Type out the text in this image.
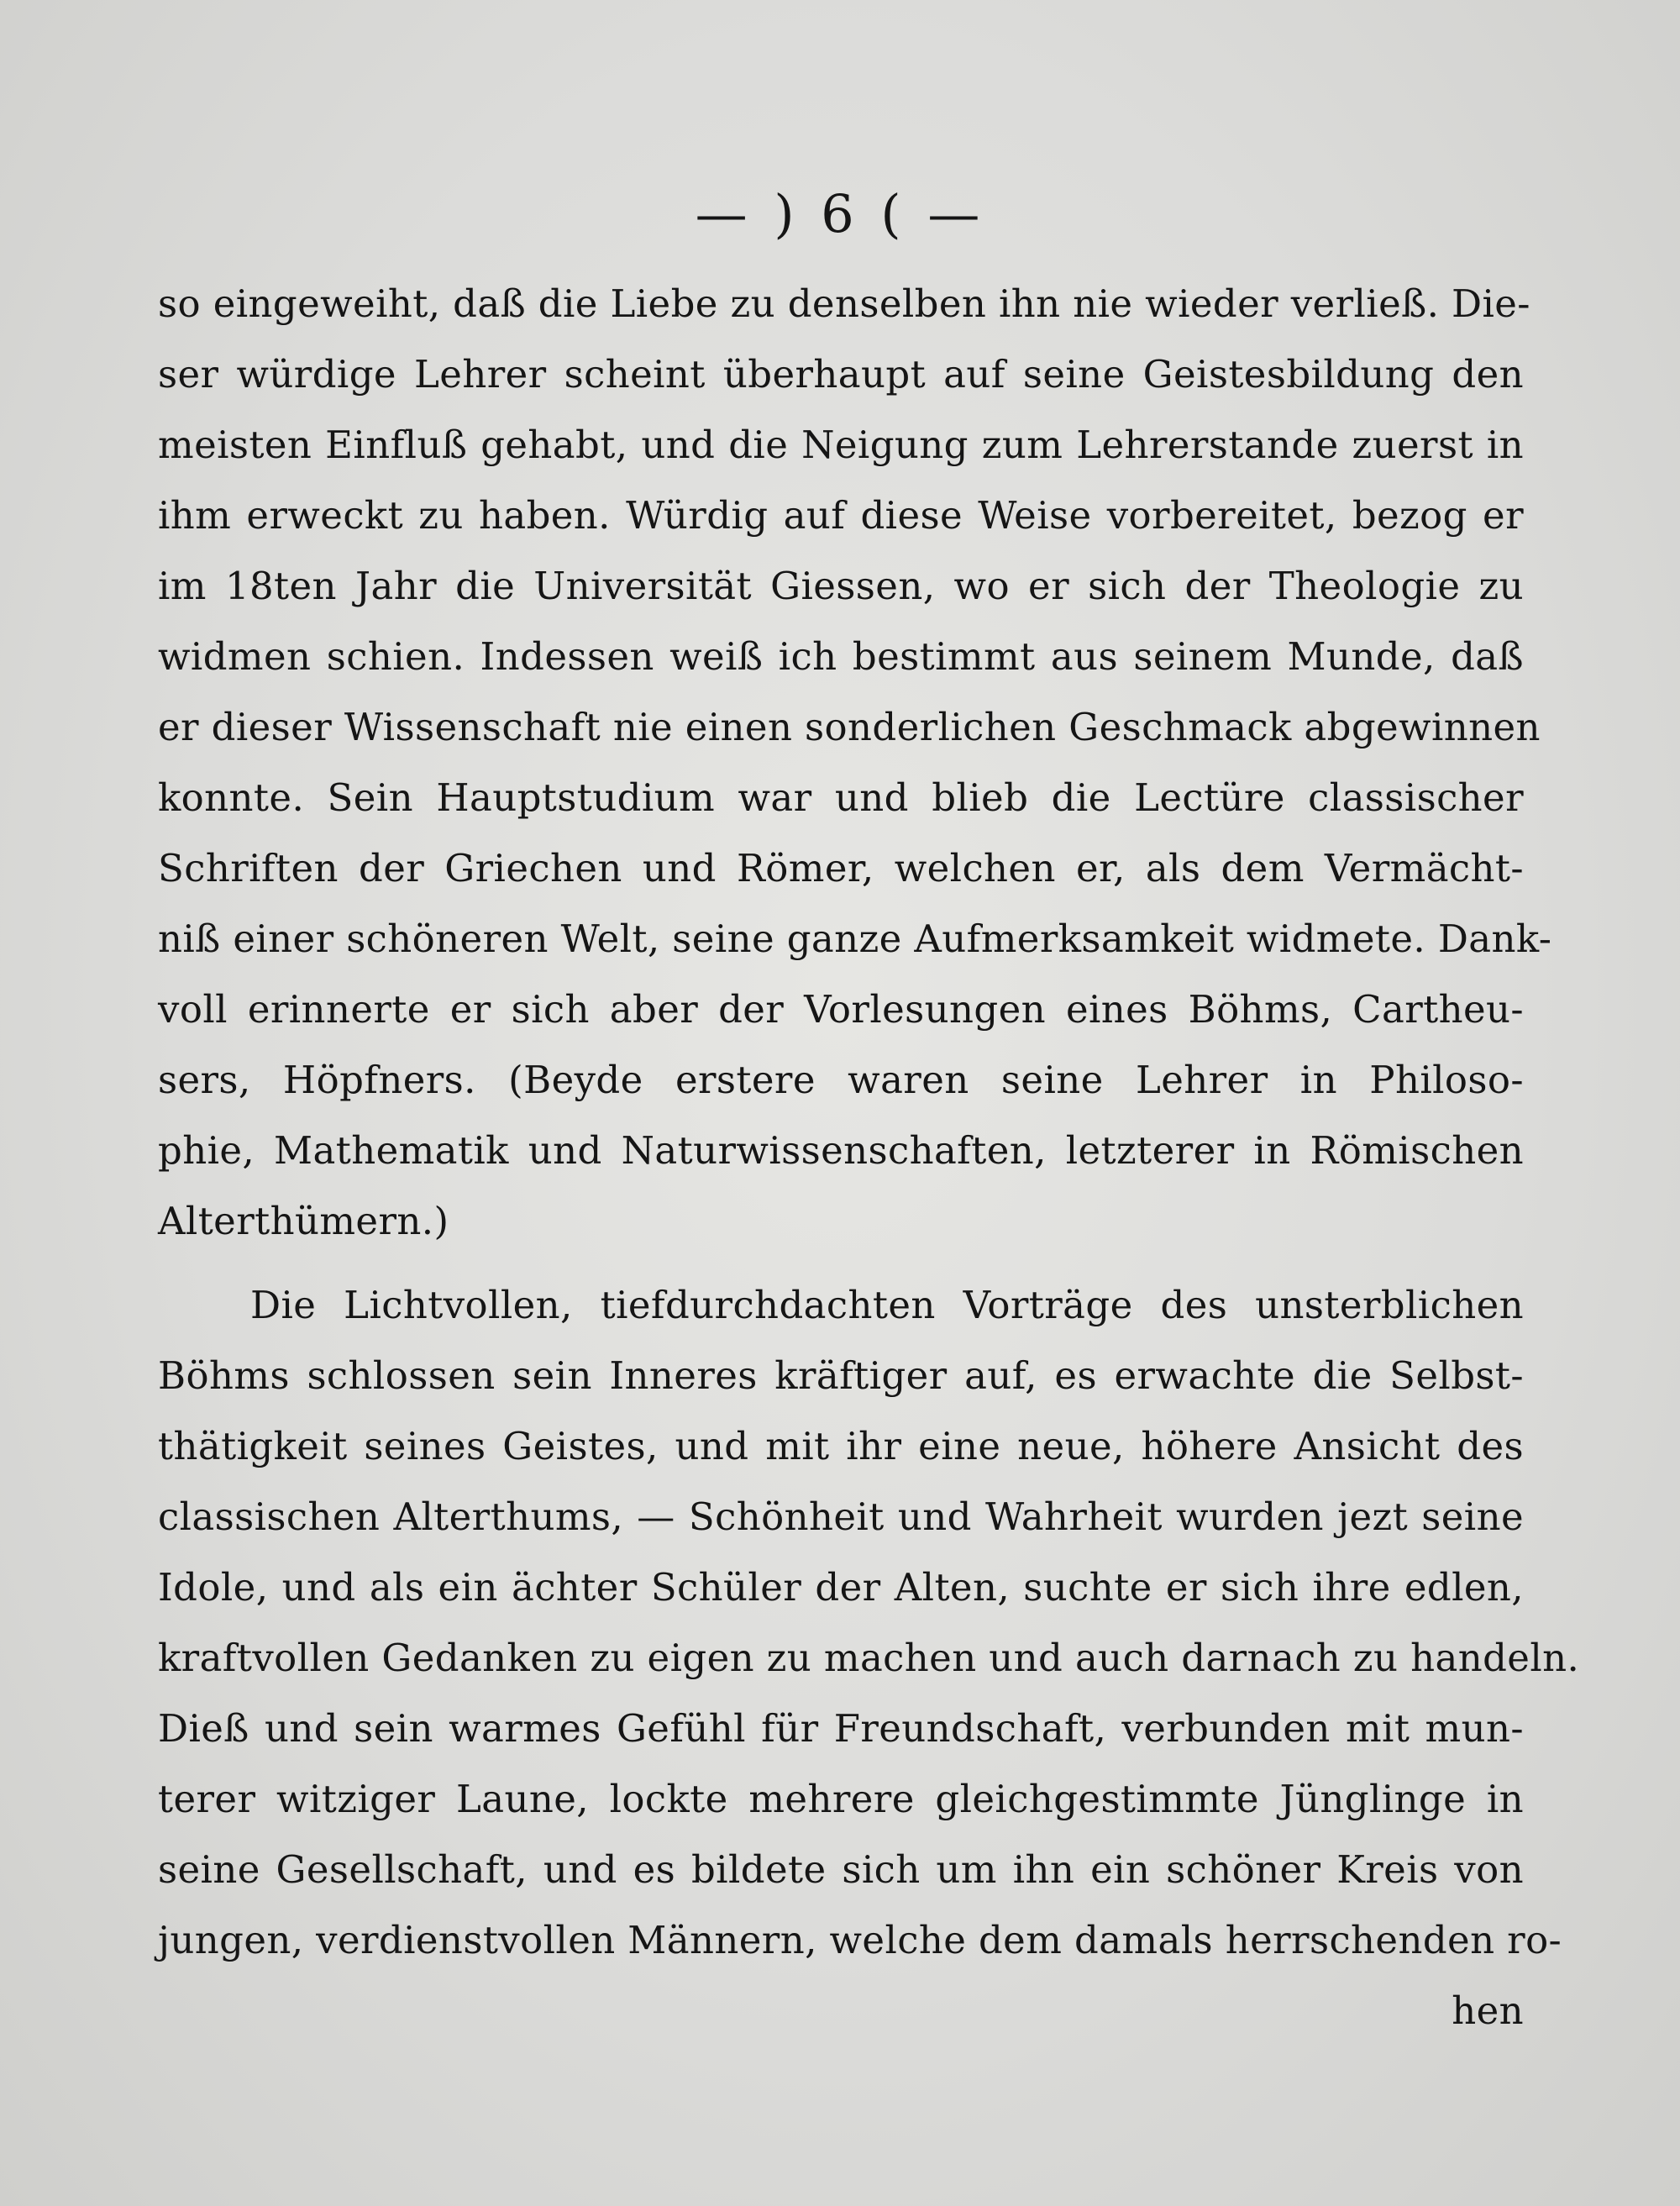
— ) 6 ( —
so eingeweiht, daß die Liebe zu denselben ihn nie wieder verließ. Die-
ser würdige Lehrer scheint überhaupt auf seine Geistesbildung den
meisten Einfluß gehabt, und die Neigung zum Lehrerstande zuerst in
ihm erweckt zu haben. Würdig auf diese Weise vorbereitet, bezog er
im 18ten Jahr die Universität Giessen, wo er sich der Theologie zu
widmen schien. Indessen weiß ich bestimmt aus seinem Munde, daß
er dieser Wissenschaft nie einen sonderlichen Geschmack abgewinnen
konnte. Sein Hauptstudium war und blieb die Lectüre classischer
Schriften der Griechen und Römer, welchen er, als dem Vermächt-
niß einer schöneren Welt, seine ganze Aufmerksamkeit widmete. Dank-
voll erinnerte er sich aber der Vorlesungen eines Böhms, Cartheu-
sers, Höpfners. (Beyde erstere waren seine Lehrer in Philoso-
phie, Mathematik und Naturwissenschaften, letzterer in Römischen
Alterthümern.)
Die Lichtvollen, tiefdurchdachten Vorträge des unsterblichen
Böhms schlossen sein Inneres kräftiger auf, es erwachte die Selbst-
thätigkeit seines Geistes, und mit ihr eine neue, höhere Ansicht des
classischen Alterthums, — Schönheit und Wahrheit wurden jezt seine
Idole, und als ein ächter Schüler der Alten, suchte er sich ihre edlen,
kraftvollen Gedanken zu eigen zu machen und auch darnach zu handeln.
Dieß und sein warmes Gefühl für Freundschaft, verbunden mit mun-
terer witziger Laune, lockte mehrere gleichgestimmte Jünglinge in
seine Gesellschaft, und es bildete sich um ihn ein schöner Kreis von
jungen, verdienstvollen Männern, welche dem damals herrschenden ro-
hen
